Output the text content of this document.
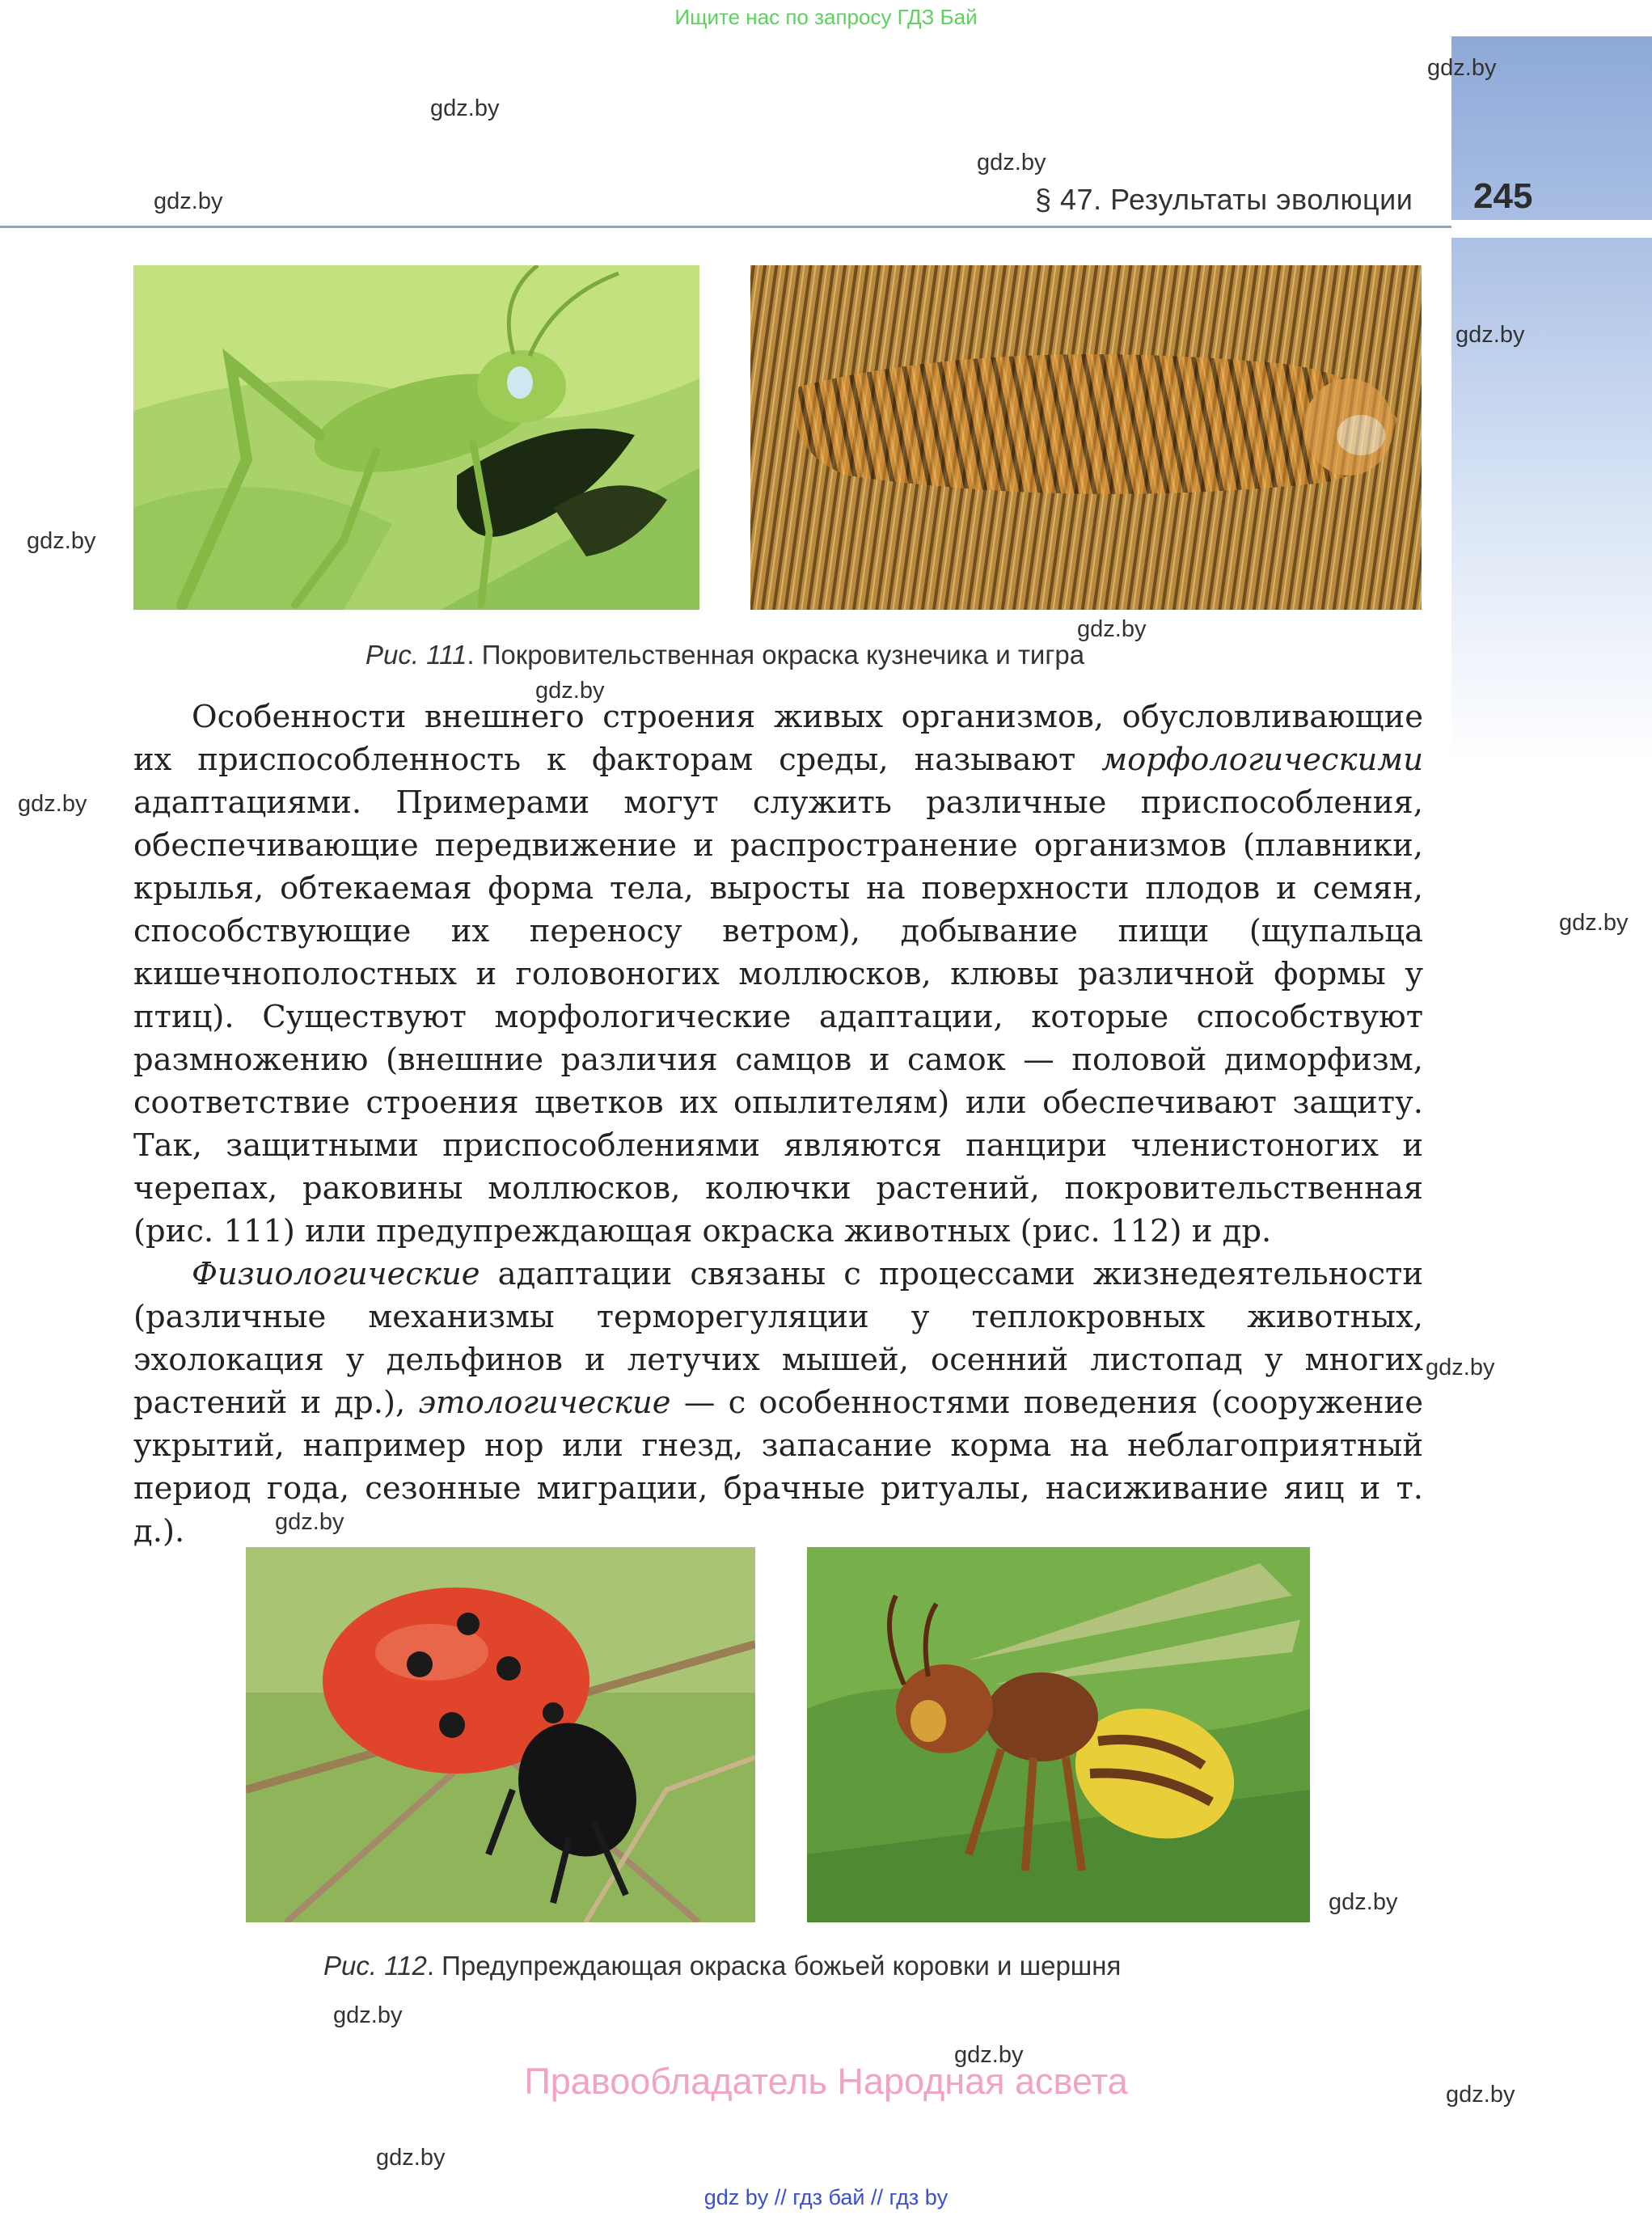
Ищите нас по запросу ГДЗ Бай
§ 47. Результаты эволюции 245
gdz.by
gdz.by
gdz.by
gdz.by
gdz.by
gdz.by
gdz.by
gdz.by
gdz.by
gdz.by
gdz.by
gdz.by
gdz.by
gdz.by
gdz.by
gdz.by
gdz.by
Рис. 111. Покровительственная окраска кузнечика и тигра

Особенности внешнего строения живых организмов, обусловливающие их приспособленность к факторам среды, называют морфологическими адаптациями. Примерами могут служить различные приспособления, обеспечивающие передвижение и распространение организмов (плавники, крылья, обтекаемая форма тела, выросты на поверхности плодов и семян, способствующие их переносу ветром), добывание пищи (щупальца кишечнополостных и головоногих моллюсков, клювы различной формы у птиц). Существуют морфологические адаптации, которые способствуют размножению (внешние различия самцов и самок — половой диморфизм, соответствие строения цветков их опылителям) или обеспечивают защиту. Так, защитными приспособлениями являются панцири членистоногих и черепах, раковины моллюсков, колючки растений, покровительственная (рис. 111) или предупреждающая окраска животных (рис. 112) и др.

Физиологические адаптации связаны с процессами жизнедеятельности (различные механизмы терморегуляции у теплокровных животных, эхолокация у дельфинов и летучих мышей, осенний листопад у многих растений и др.), этологические — с особенностями поведения (сооружение укрытий, например нор или гнезд, запасание корма на неблагоприятный период года, сезонные миграции, брачные ритуалы, насиживание яиц и т. д.).

Рис. 112. Предупреждающая окраска божьей коровки и шершня
Правообладатель Народная асвета
gdz by // гдз бай // гдз by
